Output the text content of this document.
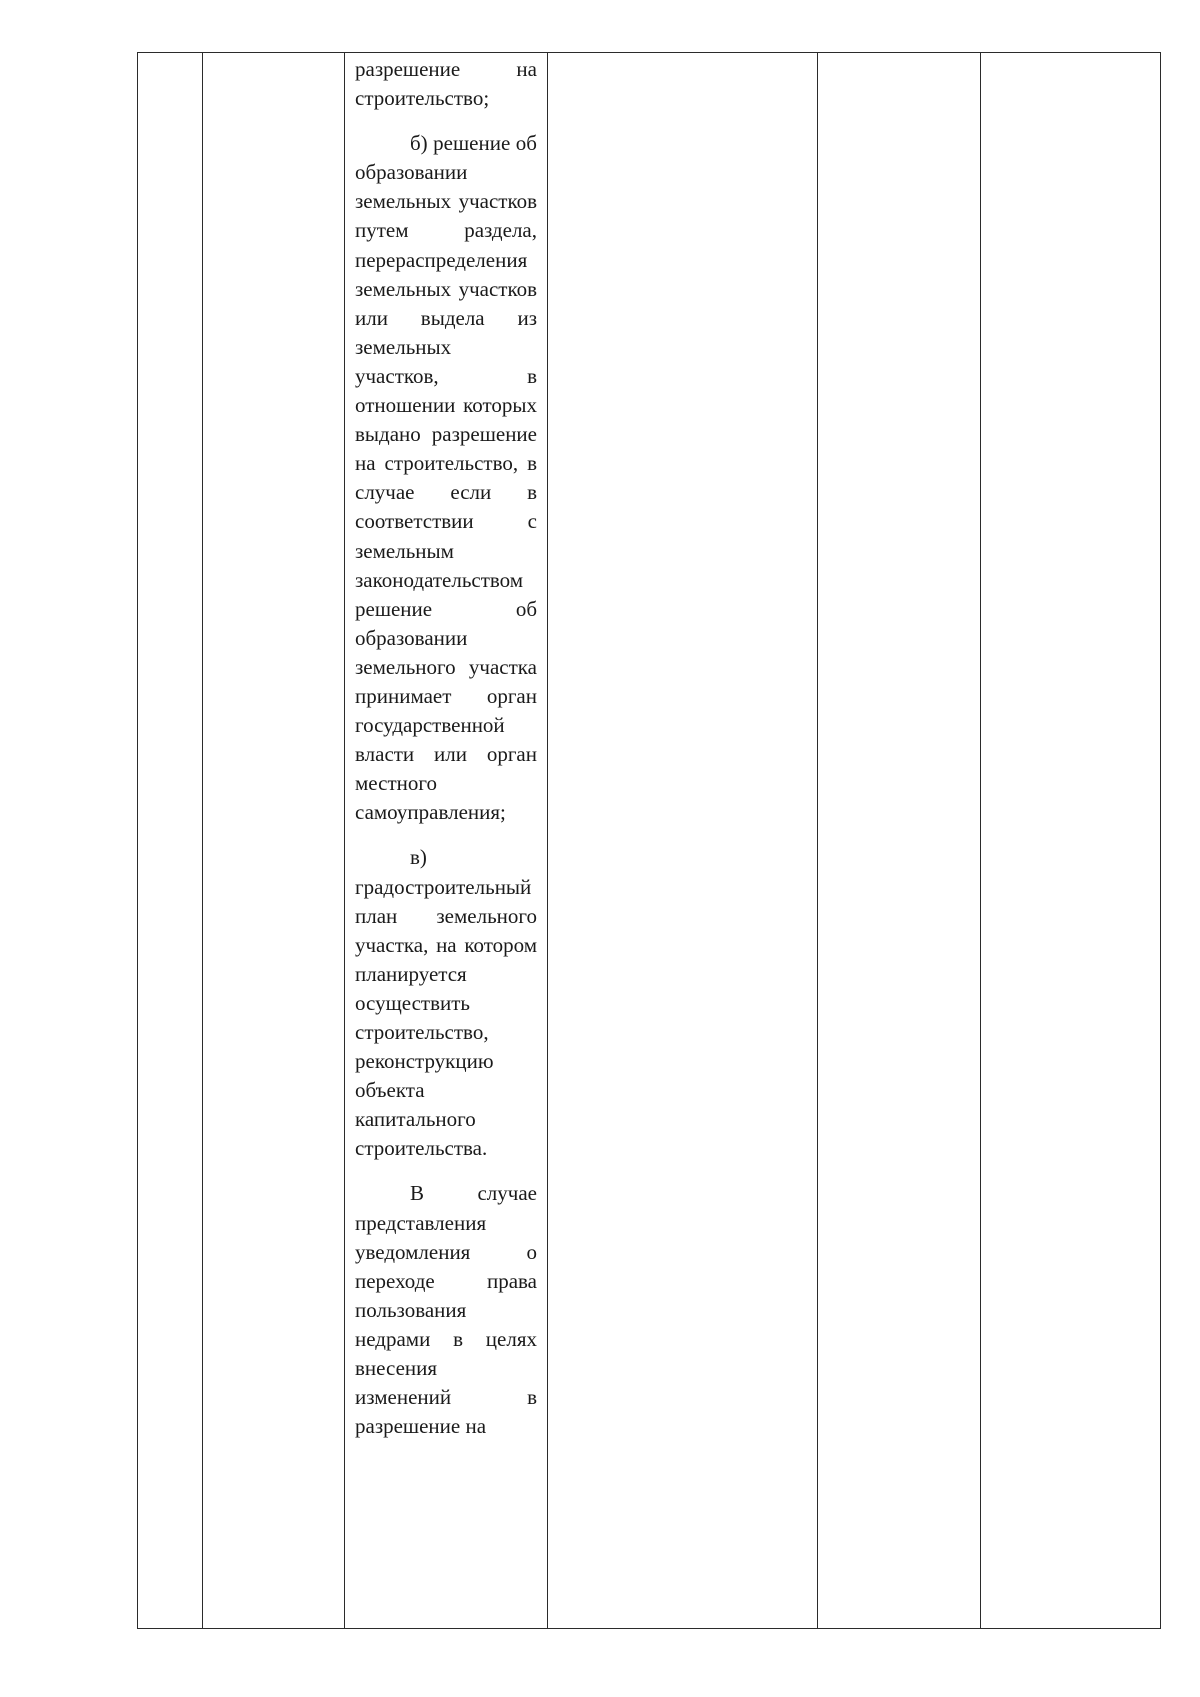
разрешение на строительство;

б) решение об образовании земельных участков путем раздела, перераспределения земельных участков или выдела из земельных участков, в отношении которых выдано разрешение на строительство, в случае если в соответствии с земельным законодательством решение об образовании земельного участка принимает орган государственной власти или орган местного самоуправления;

в) градостроительный план земельного участка, на котором планируется осуществить строительство, реконструкцию объекта капитального строительства.

В случае представления уведомления о переходе права пользования недрами в целях внесения изменений в разрешение на
